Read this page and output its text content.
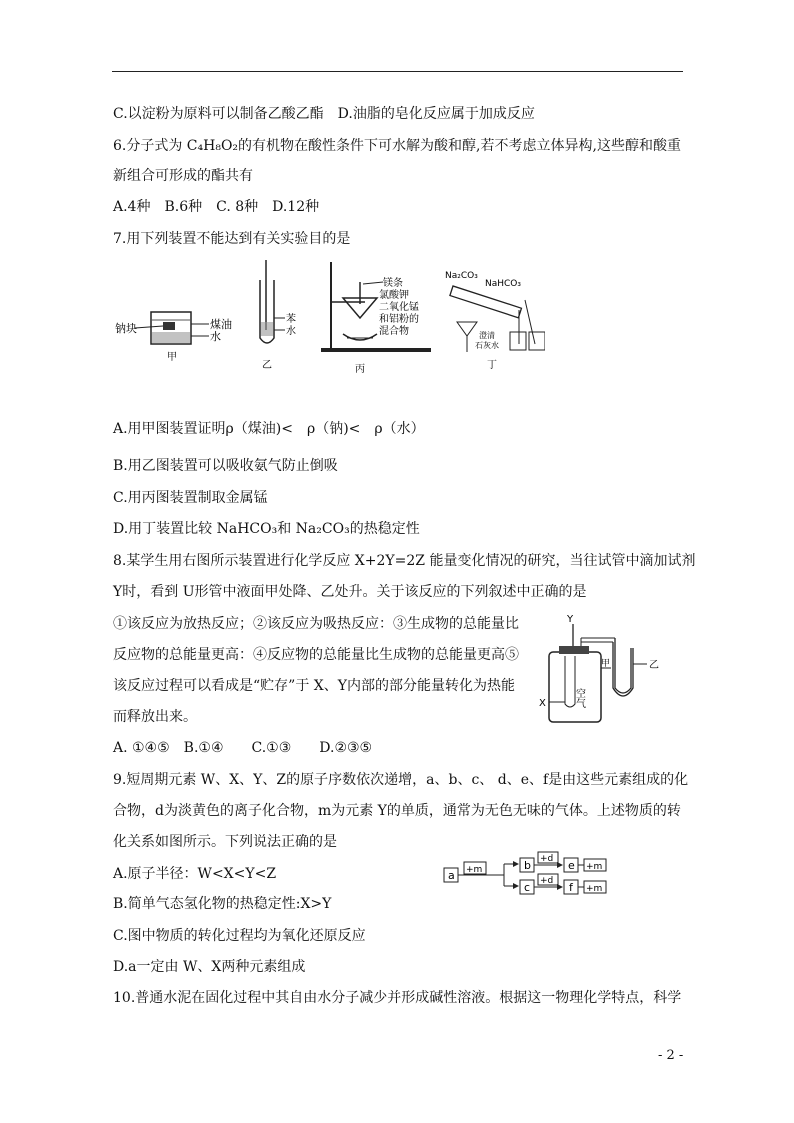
C.以淀粉为原料可以制备乙酸乙酯　D.油脂的皂化反应属于加成反应
6.分子式为 C₄H₈O₂的有机物在酸性条件下可水解为酸和醇,若不考虑立体异构,这些醇和酸重
新组合可形成的酯共有
A.4种　B.6种　C. 8种　D.12种
7.用下列装置不能达到有关实验目的是
钠块	煤油
水
甲
苯
水
乙
镁条
氯酸钾
二氧化锰
和铝粉的
混合物
丙
Na₂CO₃
NaHCO₃
澄清
石灰水
丁
A.用甲图装置证明ρ（煤油)<　ρ（钠)<　ρ（水）
B.用乙图装置可以吸收氨气防止倒吸
C.用丙图装置制取金属锰
D.用丁装置比较 NaHCO₃和 Na₂CO₃的热稳定性
8.某学生用右图所示装置进行化学反应 X+2Y=2Z 能量变化情况的研究，当往试管中滴加试剂
Y时，看到 U形管中液面甲处降、乙处升。关于该反应的下列叙述中正确的是
①该反应为放热反应；②该反应为吸热反应：③生成物的总能量比
反应物的总能量更高：④反应物的总能量比生成物的总能量更高⑤
该反应过程可以看成是“贮存”于 X、Y内部的部分能量转化为热能
而释放出来。
Y
甲	乙
空气
X
A. ①④⑤　B.①④　　C.①③　　D.②③⑤
9.短周期元素 W、X、Y、Z的原子序数依次递增，a、b、c、 d、e、f是由这些元素组成的化
合物，d为淡黄色的离子化合物，m为元素 Y的单质，通常为无色无味的气体。上述物质的转
化关系如图所示。下列说法正确的是
A.原子半径：W<X<Y<Z
B.简单气态氢化物的热稳定性:X>Y
C.图中物质的转化过程均为氧化还原反应
D.a一定由 W、X两种元素组成
a +m	b
c
+d
+d
e
f
+m
+m
10.普通水泥在固化过程中其自由水分子减少并形成碱性溶液。根据这一物理化学特点，科学
- 2 -
